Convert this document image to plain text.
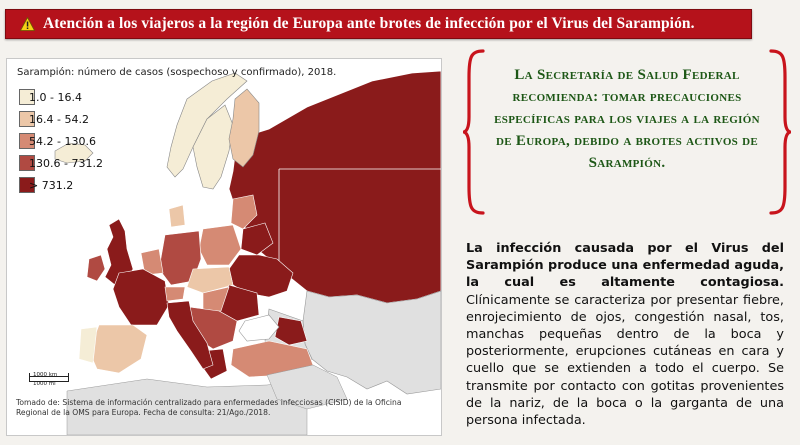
Atención a los viajeros a la región de Europa ante brotes de infección por el Virus del Sarampión.
Sarampión: número de casos (sospechoso y confirmado), 2018.
1.0 - 16.4
16.4 - 54.2
54.2 - 130.6
130.6 - 731.2
> 731.2
1000 km
1000 mi
Tomado de: Sistema de información centralizado para enfermedades infecciosas (CISID) de la Oficina Regional de la OMS para Europa. Fecha de consulta: 21/Ago./2018.
La Secretaría de Salud Federal recomienda: tomar precauciones específicas para los viajes a la región de Europa, debido a brotes activos de Sarampión.
La infección causada por el Virus del Sarampión produce una enfermedad aguda, la cual es altamente contagiosa. Clínicamente se caracteriza por presentar fiebre, enrojecimiento de ojos, congestión nasal, tos, manchas pequeñas dentro de la boca y posteriormente, erupciones cutáneas en cara y cuello que se extienden a todo el cuerpo. Se transmite por contacto con gotitas provenientes de la nariz, de la boca o la garganta de una persona infectada.
